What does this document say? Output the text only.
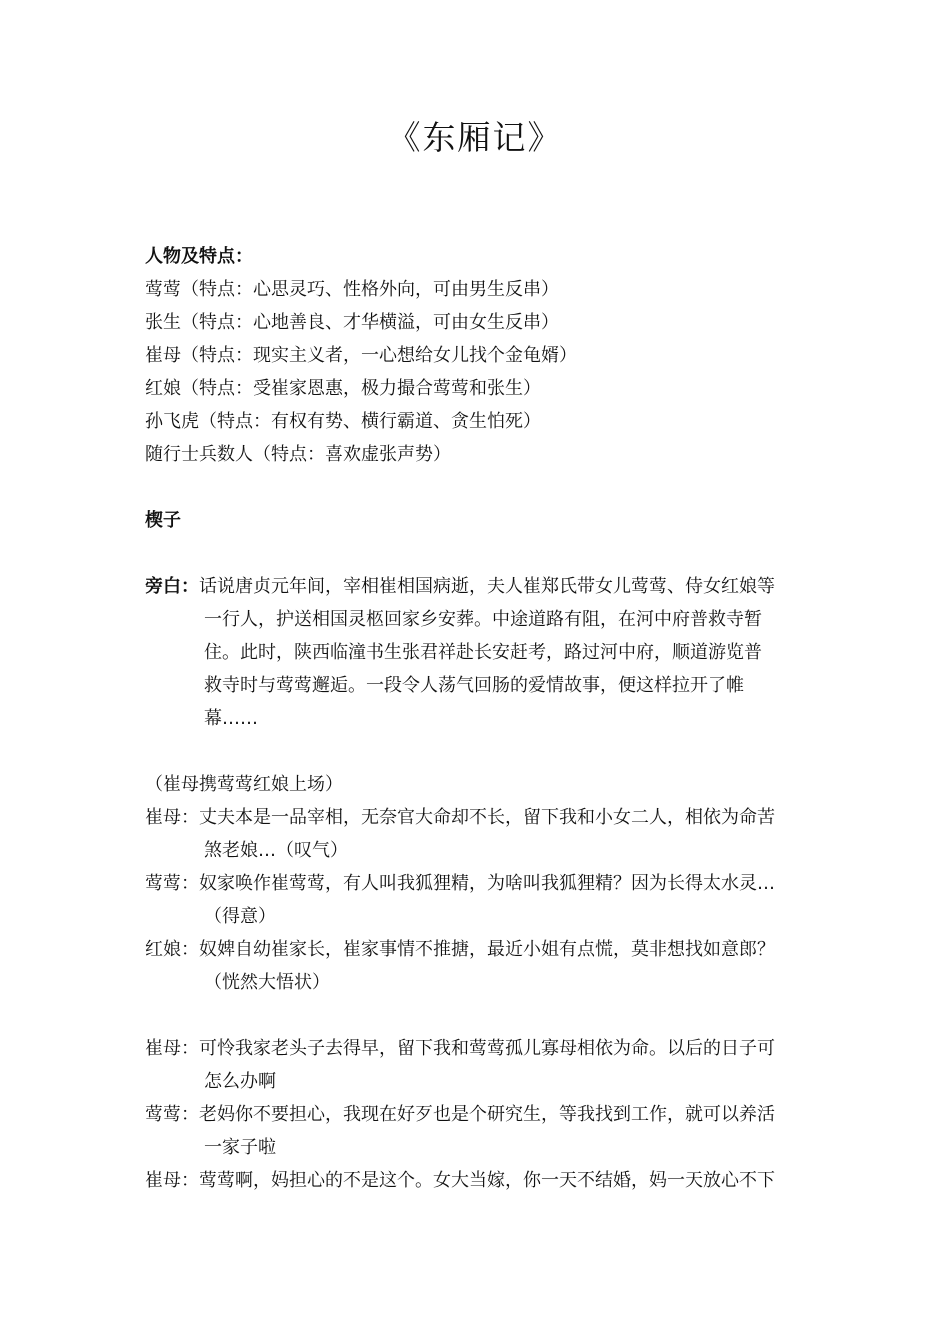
《东厢记》
人物及特点：
莺莺（特点：心思灵巧、性格外向，可由男生反串）
张生（特点：心地善良、才华横溢，可由女生反串）
崔母（特点：现实主义者，一心想给女儿找个金龟婿）
红娘（特点：受崔家恩惠，极力撮合莺莺和张生）
孙飞虎（特点：有权有势、横行霸道、贪生怕死）
随行士兵数人（特点：喜欢虚张声势）
楔子
旁白：话说唐贞元年间，宰相崔相国病逝，夫人崔郑氏带女儿莺莺、侍女红娘等
一行人，护送相国灵柩回家乡安葬。中途道路有阻，在河中府普救寺暂
住。此时，陕西临潼书生张君祥赴长安赶考，路过河中府，顺道游览普
救寺时与莺莺邂逅。一段令人荡气回肠的爱情故事，便这样拉开了帷
幕……
（崔母携莺莺红娘上场）
崔母：丈夫本是一品宰相，无奈官大命却不长，留下我和小女二人，相依为命苦
煞老娘…（叹气）
莺莺：奴家唤作崔莺莺，有人叫我狐狸精，为啥叫我狐狸精？因为长得太水灵…
（得意）
红娘：奴婢自幼崔家长，崔家事情不推搪，最近小姐有点慌，莫非想找如意郎？
（恍然大悟状）
崔母：可怜我家老头子去得早，留下我和莺莺孤儿寡母相依为命。以后的日子可
怎么办啊
莺莺：老妈你不要担心，我现在好歹也是个研究生，等我找到工作，就可以养活
一家子啦
崔母：莺莺啊，妈担心的不是这个。女大当嫁，你一天不结婚，妈一天放心不下
